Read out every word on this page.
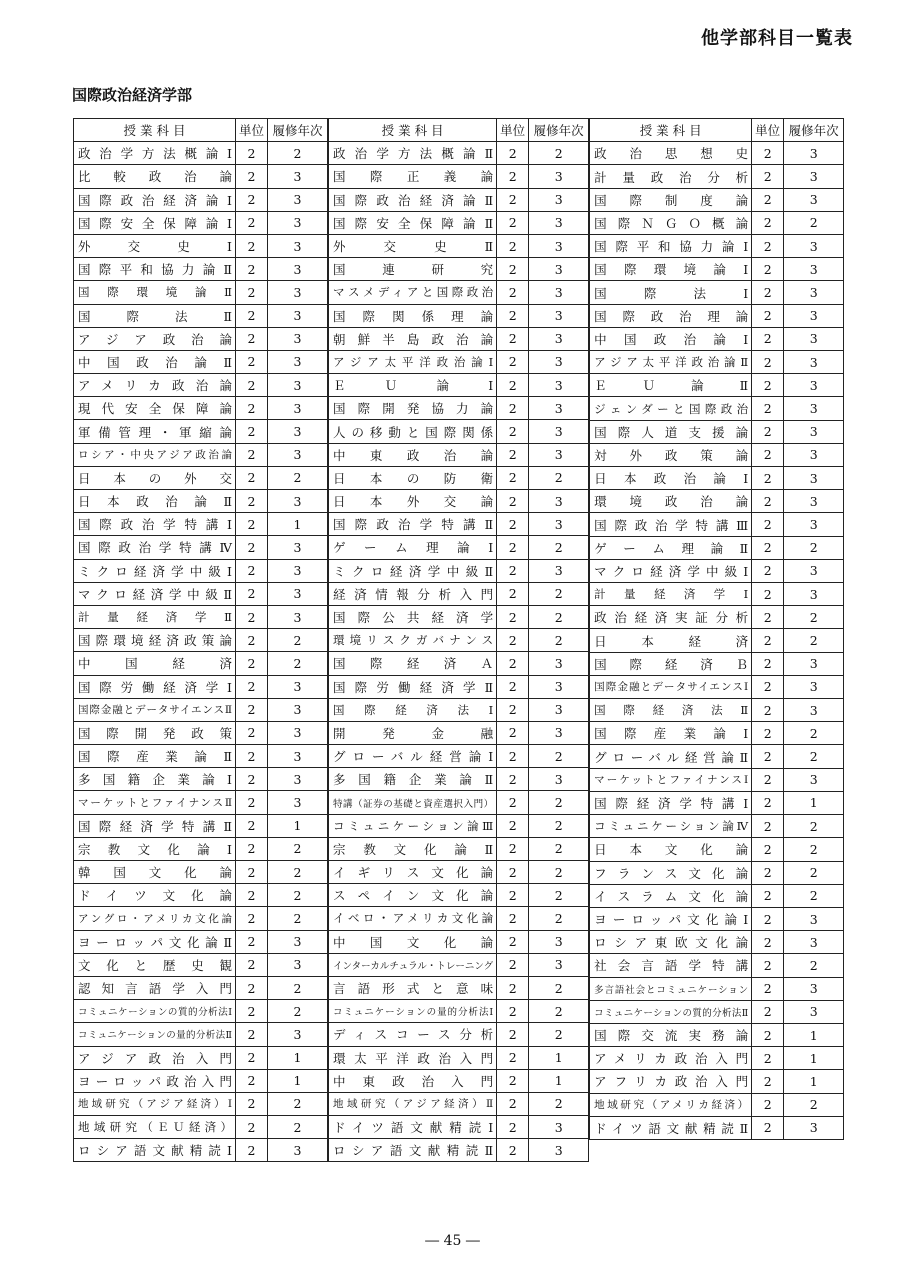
他学部科目一覧表
国際政治経済学部
授 業 科 目	単位	履修年次
政治学方法概論Ⅰ	2	2
比 較 政 治 論	2	3
国際政治経済論Ⅰ	2	3
国際安全保障論Ⅰ	2	3
外 交 史 Ⅰ	2	3
国際平和協力論Ⅱ	2	3
国 際 環 境 論 Ⅱ	2	3
国 際 法 Ⅱ	2	3
アジア政治論	2	3
中国政治論Ⅱ	2	3
アメリカ政治論	2	3
現代安全保障論	2	3
軍備管理・軍縮論	2	3
ロシア・中央アジア政治論	2	3
日 本 の 外 交	2	2
日本政治論Ⅱ	2	3
国際政治学特講Ⅰ	2	1
国際政治学特講Ⅳ	2	3
ミクロ経済学中級Ⅰ	2	3
マクロ経済学中級Ⅱ	2	3
計 量 経 済 学 Ⅱ	2	3
国際環境経済政策論	2	2
中 国 経 済	2	2
国際労働経済学Ⅰ	2	3
国際金融とデータサイエンスⅡ	2	3
国際開発政策	2	3
国際産業論Ⅱ	2	3
多国籍企業論Ⅰ	2	3
マーケットとファイナンスⅡ	2	3
国際経済学特講Ⅱ	2	1
宗教文化論Ⅰ	2	2
韓 国 文 化 論	2	2
ドイツ文化論	2	2
アングロ・アメリカ文化論	2	2
ヨーロッパ文化論Ⅱ	2	3
文化と歴史観	2	3
認知言語学入門	2	2
コミュニケーションの質的分析法Ⅰ	2	2
コミュニケーションの量的分析法Ⅱ	2	3
アジア政治入門	2	1
ヨーロッパ政治入門	2	1
地域研究（アジア経済）Ⅰ	2	2
地域研究（ＥＵ経済）	2	2
ロシア語文献精読Ⅰ	2	3
授 業 科 目	単位	履修年次
政治学方法概論Ⅱ	2	2
国 際 正 義 論	2	3
国際政治経済論Ⅱ	2	3
国際安全保障論Ⅱ	2	3
外 交 史 Ⅱ	2	3
国 連 研 究	2	3
マスメディアと国際政治	2	3
国際関係理論	2	3
朝鮮半島政治論	2	3
アジア太平洋政治論Ⅰ	2	3
Ｅ Ｕ 論 Ⅰ	2	3
国際開発協力論	2	3
人の移動と国際関係	2	3
中 東 政 治 論	2	3
日 本 の 防 衛	2	2
日 本 外 交 論	2	3
国際政治学特講Ⅱ	2	3
ゲーム理論Ⅰ	2	2
ミクロ経済学中級Ⅱ	2	3
経済情報分析入門	2	2
国際公共経済学	2	2
環境リスクガバナンス	2	2
国 際 経 済 Ａ	2	3
国際労働経済学Ⅱ	2	3
国 際 経 済 法 Ⅰ	2	3
開 発 金 融	2	3
グローバル経営論Ⅰ	2	2
多国籍企業論Ⅱ	2	3
特講（証券の基礎と資産選択入門）	2	2
コミュニケーション論Ⅲ	2	2
宗教文化論Ⅱ	2	2
イギリス文化論	2	2
スペイン文化論	2	2
イベロ・アメリカ文化論	2	2
中 国 文 化 論	2	3
インターカルチュラル・トレーニング	2	3
言語形式と意味	2	2
コミュニケーションの量的分析法Ⅰ	2	2
ディスコース分析	2	2
環太平洋政治入門	2	1
中東政治入門	2	1
地域研究（アジア経済）Ⅱ	2	2
ドイツ語文献精読Ⅰ	2	3
ロシア語文献精読Ⅱ	2	3
授 業 科 目	単位	履修年次
政 治 思 想 史	2	3
計量政治分析	2	3
国 際 制 度 論	2	3
国際ＮＧＯ概論	2	2
国際平和協力論Ⅰ	2	3
国際環境論Ⅰ	2	3
国 際 法 Ⅰ	2	3
国際政治理論	2	3
中国政治論Ⅰ	2	3
アジア太平洋政治論Ⅱ	2	3
Ｅ Ｕ 論 Ⅱ	2	3
ジェンダーと国際政治	2	3
国際人道支援論	2	3
対 外 政 策 論	2	3
日本政治論Ⅰ	2	3
環 境 政 治 論	2	3
国際政治学特講Ⅲ	2	3
ゲーム理論Ⅱ	2	2
マクロ経済学中級Ⅰ	2	3
計 量 経 済 学 Ⅰ	2	3
政治経済実証分析	2	2
日 本 経 済	2	2
国 際 経 済 Ｂ	2	3
国際金融とデータサイエンスⅠ	2	3
国 際 経 済 法 Ⅱ	2	3
国際産業論Ⅰ	2	2
グローバル経営論Ⅱ	2	2
マーケットとファイナンスⅠ	2	3
国際経済学特講Ⅰ	2	1
コミュニケーション論Ⅳ	2	2
日 本 文 化 論	2	2
フランス文化論	2	2
イスラム文化論	2	2
ヨーロッパ文化論Ⅰ	2	3
ロシア東欧文化論	2	3
社会言語学特講	2	2
多言語社会とコミュニケーション	2	3
コミュニケーションの質的分析法Ⅱ	2	3
国際交流実務論	2	1
アメリカ政治入門	2	1
アフリカ政治入門	2	1
地域研究（アメリカ経済）	2	2
ドイツ語文献精読Ⅱ	2	3

― 45 ―
